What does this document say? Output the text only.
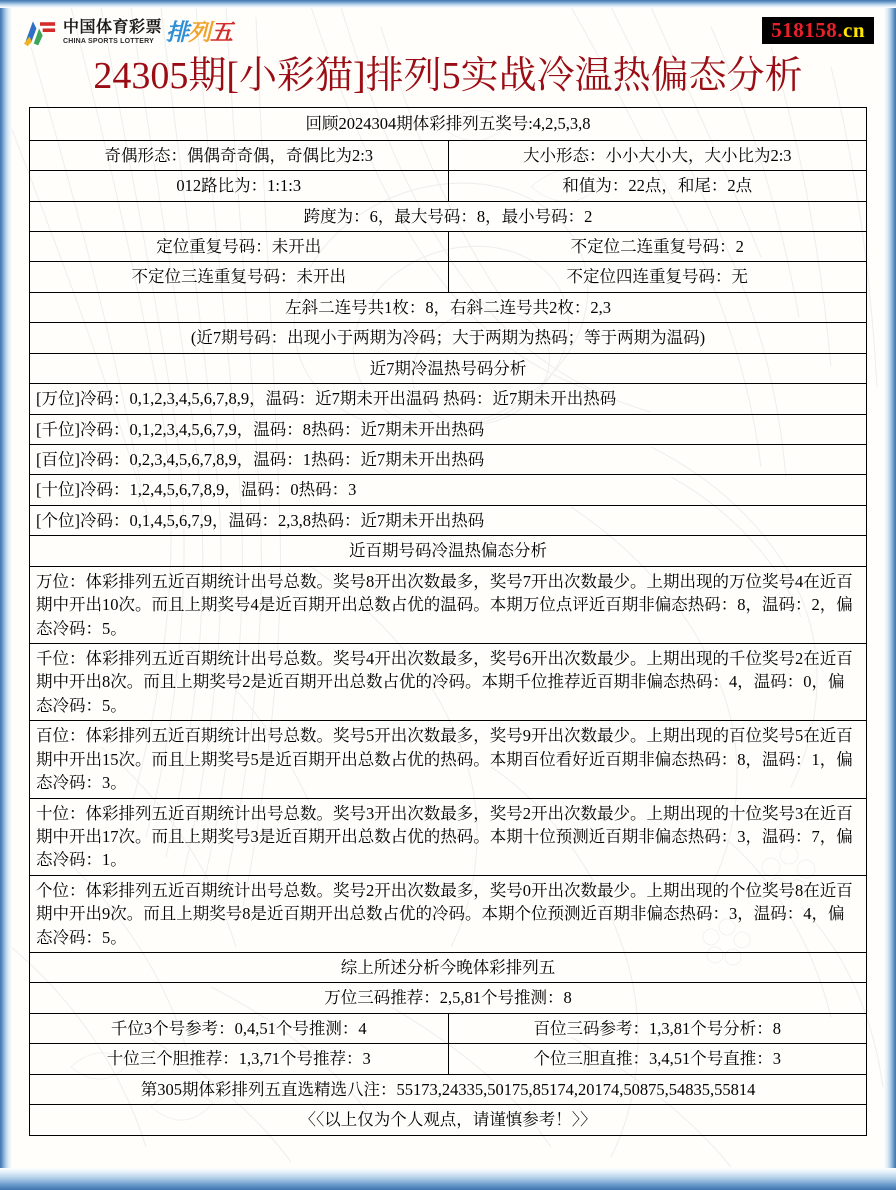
中国体育彩票
CHINA SPORTS LOTTERY 排列五	518158.cn
24305期[小彩猫]排列5实战冷温热偏态分析
回顾2024304期体彩排列五奖号:4,2,5,3,8	
奇偶形态：偶偶奇奇偶，奇偶比为2:3	大小形态：小小大小大，大小比为2:3
012路比为：1:1:3	和值为：22点，和尾：2点
跨度为：6，最大号码：8，最小号码：2	
定位重复号码：未开出	不定位二连重复号码：2
不定位三连重复号码：未开出	不定位四连重复号码：无
左斜二连号共1枚：8，右斜二连号共2枚：2,3	
(近7期号码：出现小于两期为冷码；大于两期为热码；等于两期为温码)	
近7期冷温热号码分析	
[万位]冷码：0,1,2,3,4,5,6,7,8,9，温码：近7期未开出温码 热码：近7期未开出热码	
[千位]冷码：0,1,2,3,4,5,6,7,9，温码：8热码：近7期未开出热码	
[百位]冷码：0,2,3,4,5,6,7,8,9，温码：1热码：近7期未开出热码	
[十位]冷码：1,2,4,5,6,7,8,9，温码：0热码：3	
[个位]冷码：0,1,4,5,6,7,9，温码：2,3,8热码：近7期未开出热码	
近百期号码冷温热偏态分析	
万位：体彩排列五近百期统计出号总数。奖号8开出次数最多，奖号7开出次数最少。上期出现的万位奖号4在近百期中开出10次。而且上期奖号4是近百期开出总数占优的温码。本期万位点评近百期非偏态热码：8，温码：2，偏态冷码：5。	
千位：体彩排列五近百期统计出号总数。奖号4开出次数最多，奖号6开出次数最少。上期出现的千位奖号2在近百期中开出8次。而且上期奖号2是近百期开出总数占优的冷码。本期千位推荐近百期非偏态热码：4，温码：0，偏态冷码：5。	
百位：体彩排列五近百期统计出号总数。奖号5开出次数最多，奖号9开出次数最少。上期出现的百位奖号5在近百期中开出15次。而且上期奖号5是近百期开出总数占优的热码。本期百位看好近百期非偏态热码：8，温码：1，偏态冷码：3。	
十位：体彩排列五近百期统计出号总数。奖号3开出次数最多，奖号2开出次数最少。上期出现的十位奖号3在近百期中开出17次。而且上期奖号3是近百期开出总数占优的热码。本期十位预测近百期非偏态热码：3，温码：7，偏态冷码：1。	
个位：体彩排列五近百期统计出号总数。奖号2开出次数最多，奖号0开出次数最少。上期出现的个位奖号8在近百期中开出9次。而且上期奖号8是近百期开出总数占优的冷码。本期个位预测近百期非偏态热码：3，温码：4，偏态冷码：5。	
综上所述分析今晚体彩排列五	
万位三码推荐：2,5,81个号推测：8	
千位3个号参考：0,4,51个号推测：4	百位三码参考：1,3,81个号分析：8
十位三个胆推荐：1,3,71个号推荐：3	个位三胆直推：3,4,51个号直推：3
第305期体彩排列五直选精选八注：55173,24335,50175,85174,20174,50875,54835,55814	
〈〈以上仅为个人观点，请谨慎参考！〉〉	
